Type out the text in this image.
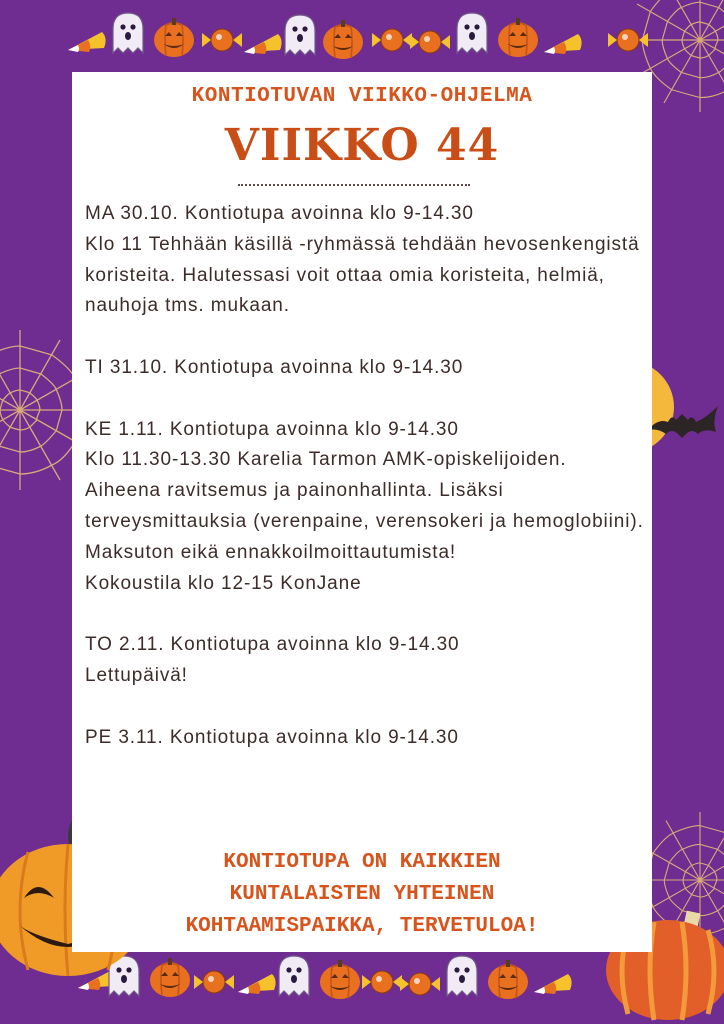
KONTIOTUVAN VIIKKO-OHJELMA
VIIKKO 44

MA 30.10. Kontiotupa avoinna klo 9-14.30

Klo 11 Tehhään käsillä -ryhmässä tehdään hevosenkengistä koristeita. Halutessasi voit ottaa omia koristeita, helmiä, nauhoja tms. mukaan.

TI 31.10. Kontiotupa avoinna klo 9-14.30

KE 1.11. Kontiotupa avoinna klo 9-14.30

Klo 11.30-13.30 Karelia Tarmon AMK-opiskelijoiden. Aiheena ravitsemus ja painonhallinta. Lisäksi terveysmittauksia (verenpaine, verensokeri ja hemoglobiini). Maksuton eikä ennakkoilmoittautumista!

Kokoustila klo 12-15 KonJane

TO 2.11. Kontiotupa avoinna klo 9-14.30

Lettupäivä!

PE 3.11. Kontiotupa avoinna klo 9-14.30

KONTIOTUPA ON KAIKKIEN
KUNTALAISTEN YHTEINEN
KOHTAAMISPAIKKA, TERVETULOA!
